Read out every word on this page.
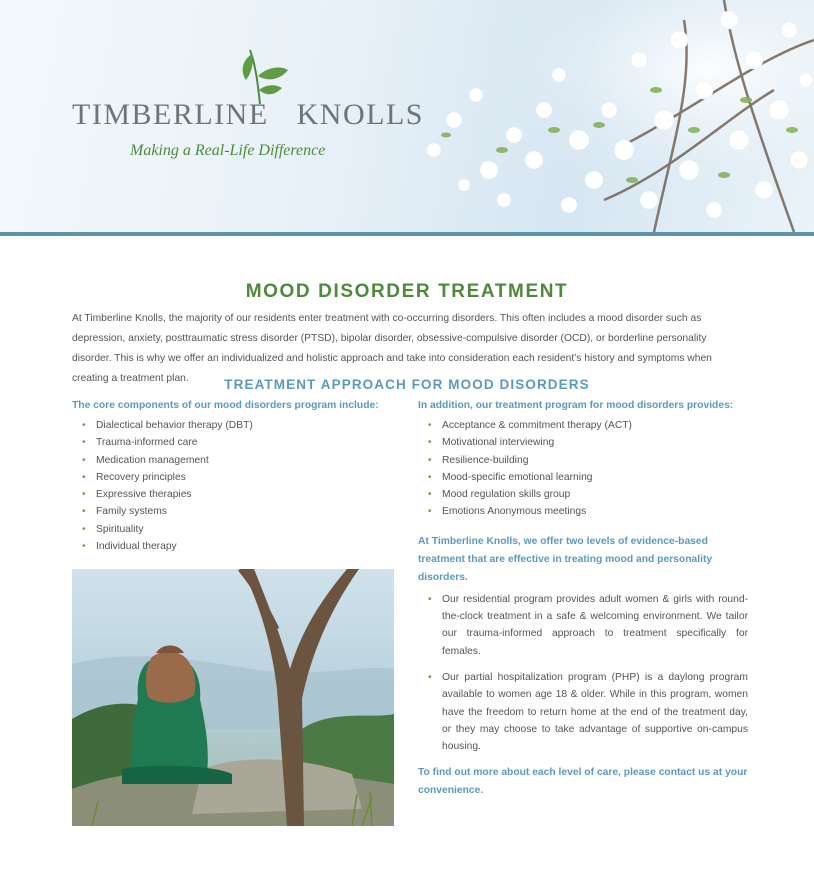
TIMBERLINE KNOLLS
Making a Real-Life Difference
MOOD DISORDER TREATMENT

At Timberline Knolls, the majority of our residents enter treatment with co-occurring disorders. This often includes a mood disorder such as depression, anxiety, posttraumatic stress disorder (PTSD), bipolar disorder, obsessive-compulsive disorder (OCD), or borderline personality disorder. This is why we offer an individualized and holistic approach and take into consideration each resident’s history and symptoms when creating a treatment plan.	TREATMENT APPROACH FOR MOOD DISORDERS
The core components of our mood disorders program include:
• Dialectical behavior therapy (DBT)
• Trauma-informed care
• Medication management
• Recovery principles
• Expressive therapies
• Family systems
• Spirituality
• Individual therapy
In addition, our treatment program for mood disorders provides:
• Acceptance & commitment therapy (ACT)
• Motivational interviewing
• Resilience-building
• Mood-specific emotional learning
• Mood regulation skills group
• Emotions Anonymous meetings
At Timberline Knolls, we offer two levels of evidence-based treatment that are effective in treating mood and personality disorders.
• Our residential program provides adult women & girls with round-the-clock treatment in a safe & welcoming environment. We tailor our trauma-informed approach to treatment specifically for females.
• Our partial hospitalization program (PHP) is a daylong program available to women age 18 & older. While in this program, women have the freedom to return home at the end of the treatment day, or they may choose to take advantage of supportive on-campus housing.
To find out more about each level of care, please contact us at your convenience.
